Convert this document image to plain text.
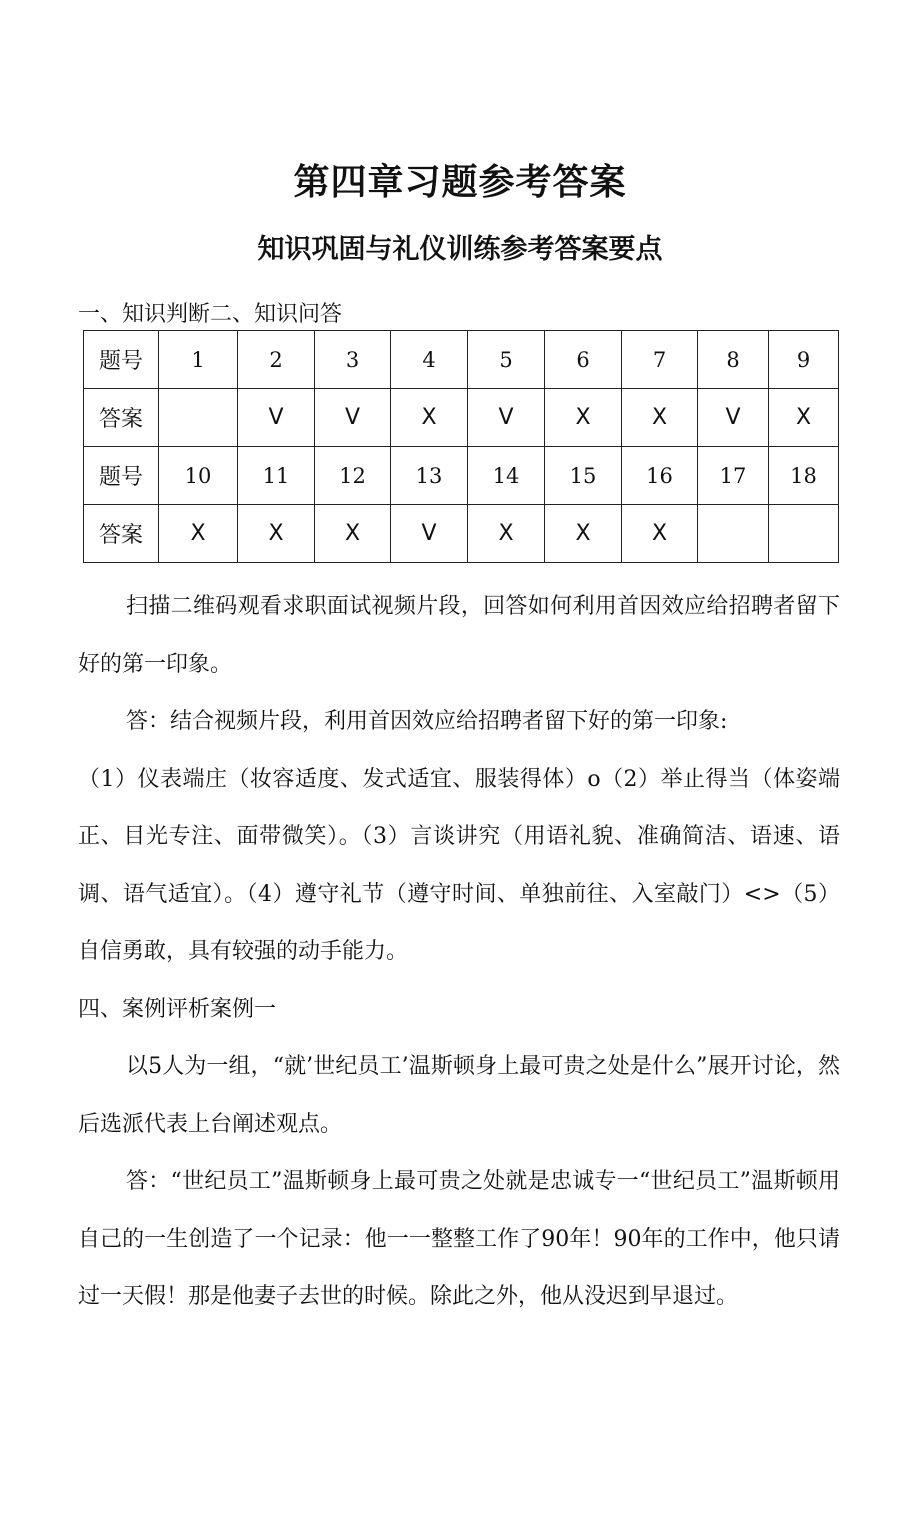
第四章习题参考答案
知识巩固与礼仪训练参考答案要点
一、知识判断二、知识问答
题号	1	2	3	4	5	6	7	8	9
答案		V	V	X	V	X	X	V	X
题号	10	11	12	13	14	15	16	17	18
答案	X	X	X	V	X	X	X		

扫描二维码观看求职面试视频片段，回答如何利用首因效应给招聘者留下好的第一印象。

答：结合视频片段，利用首因效应给招聘者留下好的第一印象:

（1）仪表端庄（妆容适度、发式适宜、服装得体）o（2）举止得当（体姿端正、目光专注、面带微笑）。（3）言谈讲究（用语礼貌、准确简洁、语速、语调、语气适宜）。（4）遵守礼节（遵守时间、单独前往、入室敲门）<>（5）自信勇敢，具有较强的动手能力。

四、案例评析案例一

以5人为一组，“就’世纪员工’温斯顿身上最可贵之处是什么”展开讨论，然后选派代表上台阐述观点。

答：“世纪员工”温斯顿身上最可贵之处就是忠诚专一“世纪员工”温斯顿用自己的一生创造了一个记录：他一一整整工作了90年！90年的工作中，他只请过一天假！那是他妻子去世的时候。除此之外，他从没迟到早退过。
